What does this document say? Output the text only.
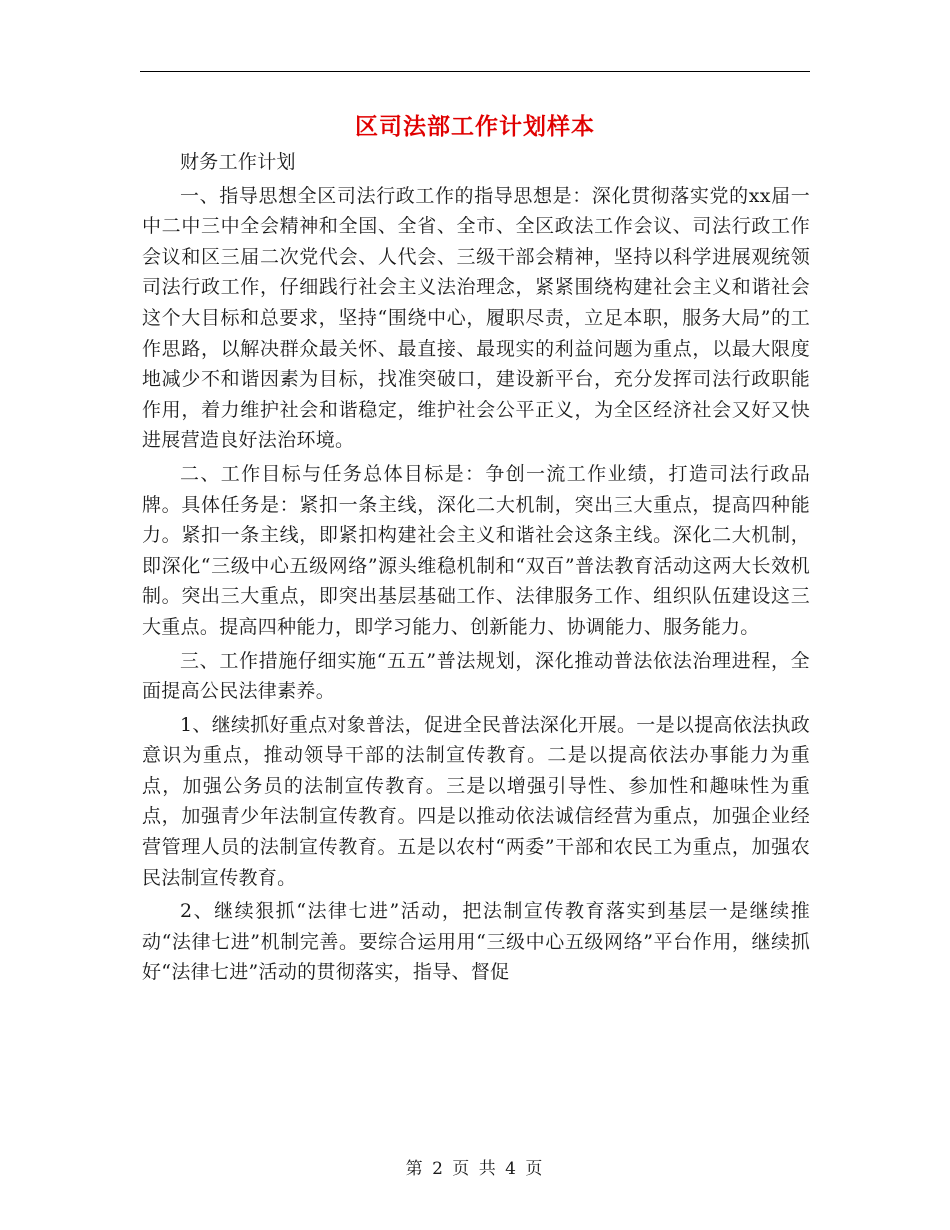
区司法部工作计划样本

财务工作计划

一、指导思想全区司法行政工作的指导思想是：深化贯彻落实党的xx届一中二中三中全会精神和全国、全省、全市、全区政法工作会议、司法行政工作会议和区三届二次党代会、人代会、三级干部会精神，坚持以科学进展观统领司法行政工作，仔细践行社会主义法治理念，紧紧围绕构建社会主义和谐社会这个大目标和总要求，坚持“围绕中心，履职尽责，立足本职，服务大局”的工作思路，以解决群众最关怀、最直接、最现实的利益问题为重点，以最大限度地减少不和谐因素为目标，找准突破口，建设新平台，充分发挥司法行政职能作用，着力维护社会和谐稳定，维护社会公平正义，为全区经济社会又好又快进展营造良好法治环境。

二、工作目标与任务总体目标是：争创一流工作业绩，打造司法行政品牌。具体任务是：紧扣一条主线，深化二大机制，突出三大重点，提高四种能力。紧扣一条主线，即紧扣构建社会主义和谐社会这条主线。深化二大机制，即深化“三级中心五级网络”源头维稳机制和“双百”普法教育活动这两大长效机制。突出三大重点，即突出基层基础工作、法律服务工作、组织队伍建设这三大重点。提高四种能力，即学习能力、创新能力、协调能力、服务能力。

三、工作措施仔细实施“五五”普法规划，深化推动普法依法治理进程，全面提高公民法律素养。

1、继续抓好重点对象普法，促进全民普法深化开展。一是以提高依法执政意识为重点，推动领导干部的法制宣传教育。二是以提高依法办事能力为重点，加强公务员的法制宣传教育。三是以增强引导性、参加性和趣味性为重点，加强青少年法制宣传教育。四是以推动依法诚信经营为重点，加强企业经营管理人员的法制宣传教育。五是以农村“两委”干部和农民工为重点，加强农民法制宣传教育。

2、继续狠抓“法律七进”活动，把法制宣传教育落实到基层一是继续推动“法律七进”机制完善。要综合运用用“三级中心五级网络”平台作用，继续抓好“法律七进”活动的贯彻落实，指导、督促

第 2 页 共 4 页
